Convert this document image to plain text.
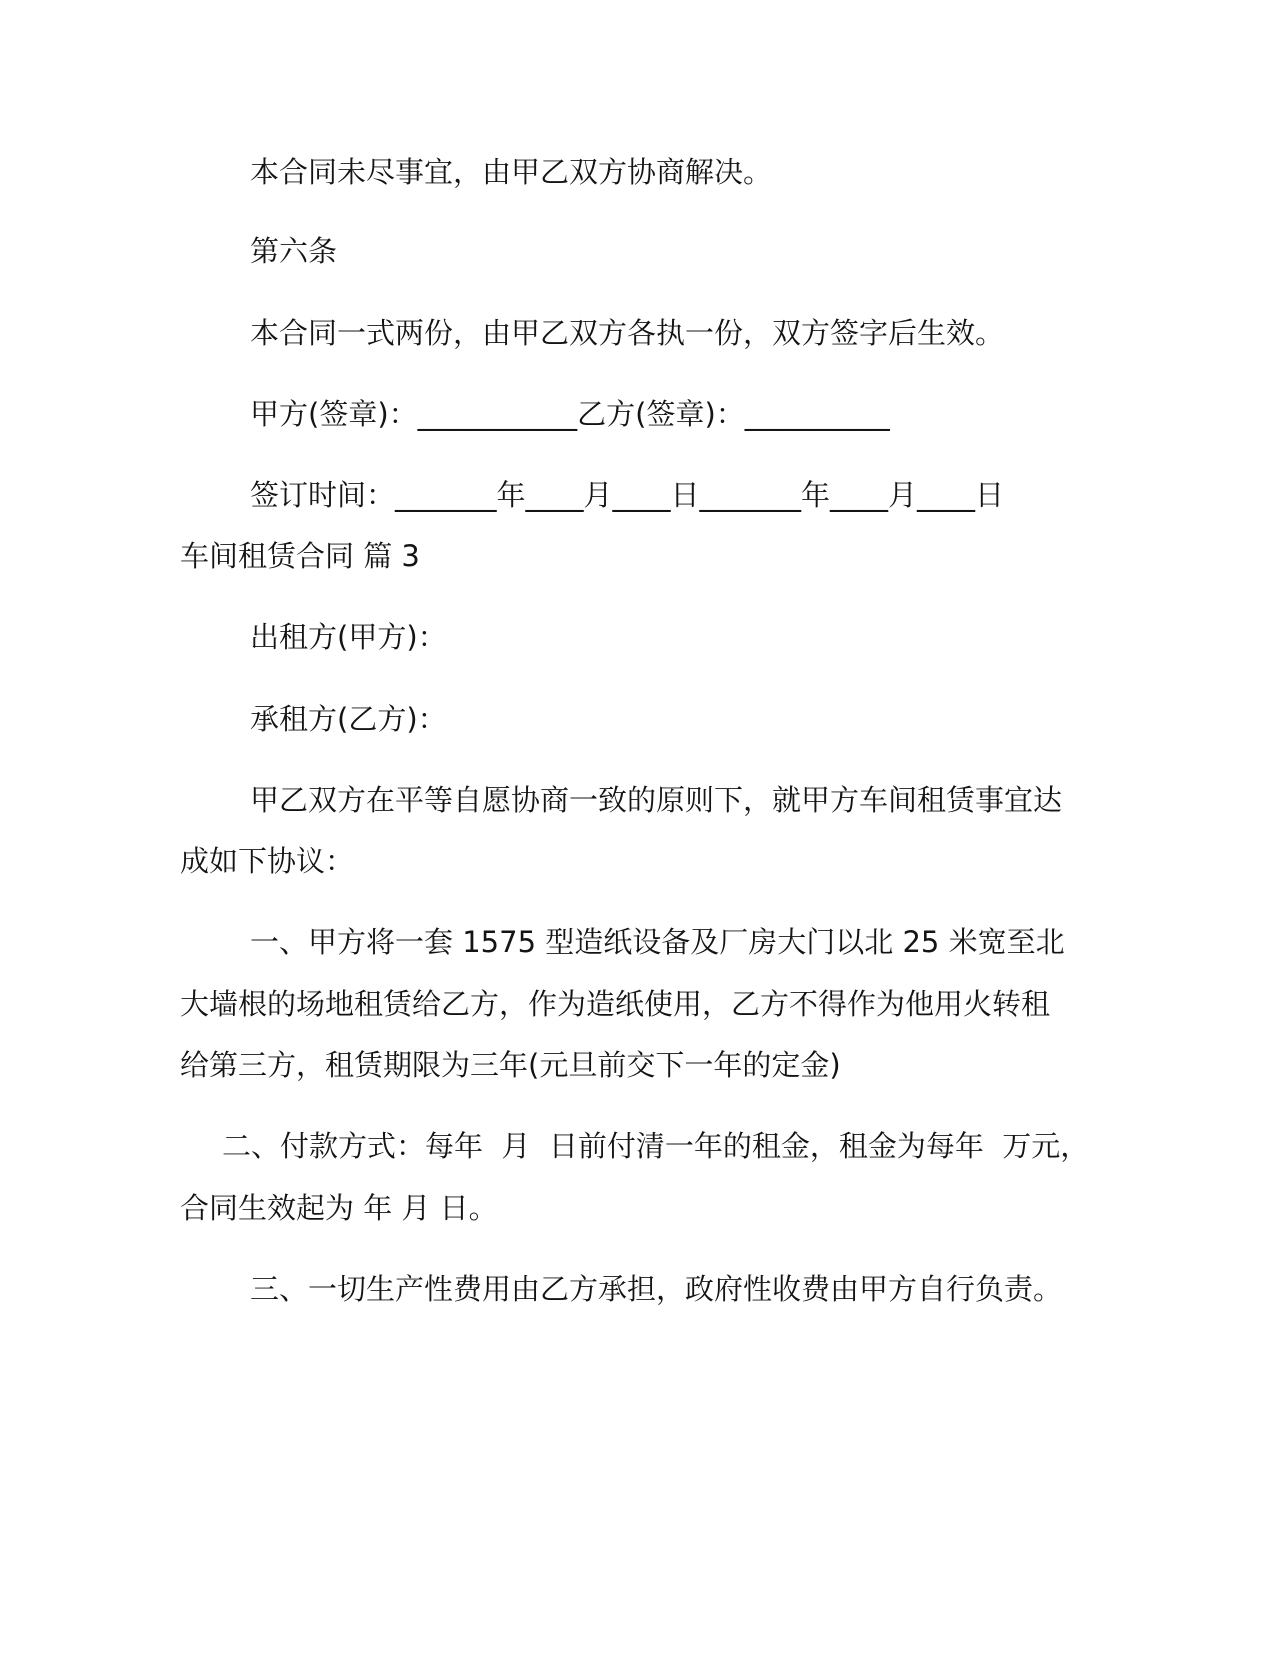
本合同未尽事宜，由甲乙双方协商解决。
第六条
本合同一式两份，由甲乙双方各执一份，双方签字后生效。
甲方(签章)：___________乙方(签章)：__________
签订时间：_______年____月____日_______年____月____日
车间租赁合同 篇 3
出租方(甲方)：
承租方(乙方)：
甲乙双方在平等自愿协商一致的原则下，就甲方车间租赁事宜达
成如下协议：
一、甲方将一套 1575 型造纸设备及厂房大门以北 25 米宽至北
大墙根的场地租赁给乙方，作为造纸使用，乙方不得作为他用火转租
给第三方，租赁期限为三年(元旦前交下一年的定金)
二、付款方式：每年  月  日前付清一年的租金，租金为每年  万元，
合同生效起为 年 月 日。
三、一切生产性费用由乙方承担，政府性收费由甲方自行负责。
